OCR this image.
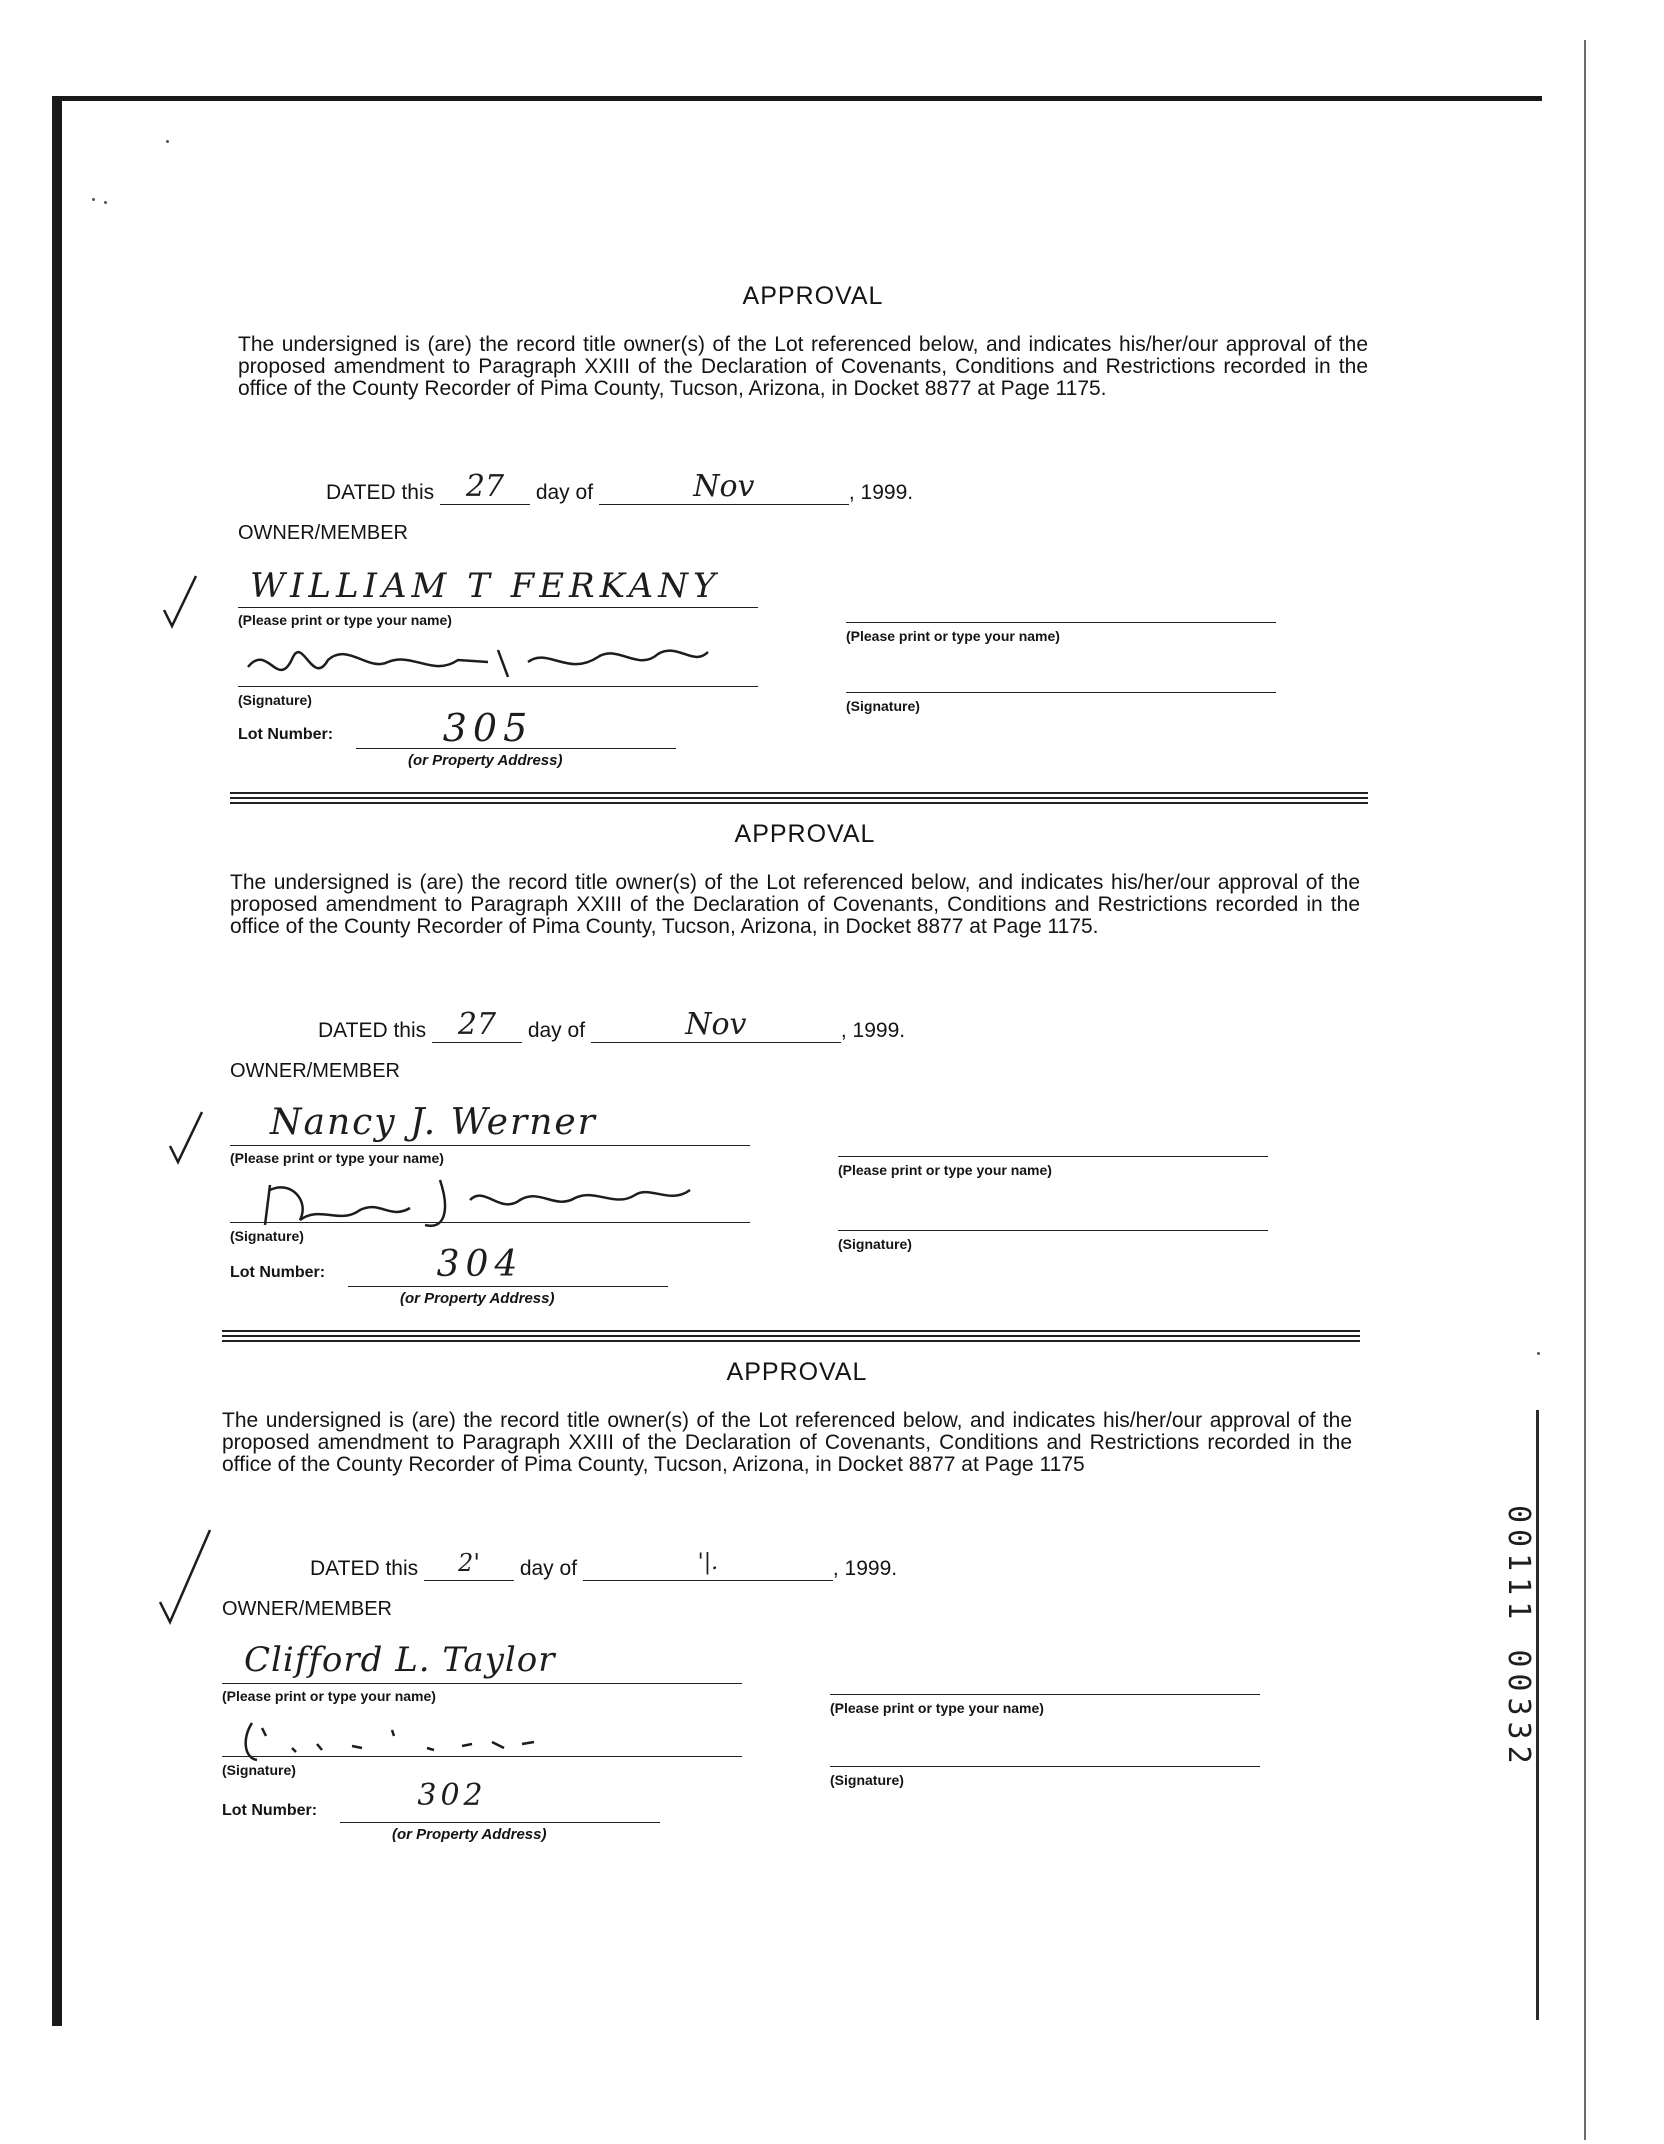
APPROVAL

The undersigned is (are) the record title owner(s) of the Lot referenced below, and indicates his/her/our approval of the proposed amendment to Paragraph XXIII of the Declaration of Covenants, Conditions and Restrictions recorded in the office of the County Recorder of Pima County, Tucson, Arizona, in Docket 8877 at Page 1175.

DATED this 27 day of	Nov	, 1999.
OWNER/MEMBER
WILLIAM T FERKANY
(Please print or type your name)
(Signature)
(Please print or type your name)
(Signature)
Lot Number:	305
(or Property Address)
APPROVAL

The undersigned is (are) the record title owner(s) of the Lot referenced below, and indicates his/her/our approval of the proposed amendment to Paragraph XXIII of the Declaration of Covenants, Conditions and Restrictions recorded in the office of the County Recorder of Pima County, Tucson, Arizona, in Docket 8877 at Page 1175.

DATED this 27 day of	Nov	, 1999.
OWNER/MEMBER
Nancy J. Werner
(Please print or type your name)
(Signature)
(Please print or type your name)
(Signature)
Lot Number:	304
(or Property Address)
APPROVAL

The undersigned is (are) the record title owner(s) of the Lot referenced below, and indicates his/her/our approval of the proposed amendment to Paragraph XXIII of the Declaration of Covenants, Conditions and Restrictions recorded in the office of the County Recorder of Pima County, Tucson, Arizona, in Docket 8877 at Page 1175

DATED this 2' day of	'|.	, 1999.
OWNER/MEMBER
Clifford L. Taylor
(Please print or type your name)
(Signature)
(Please print or type your name)
(Signature)
Lot Number:	302
(or Property Address)
00111 00332
